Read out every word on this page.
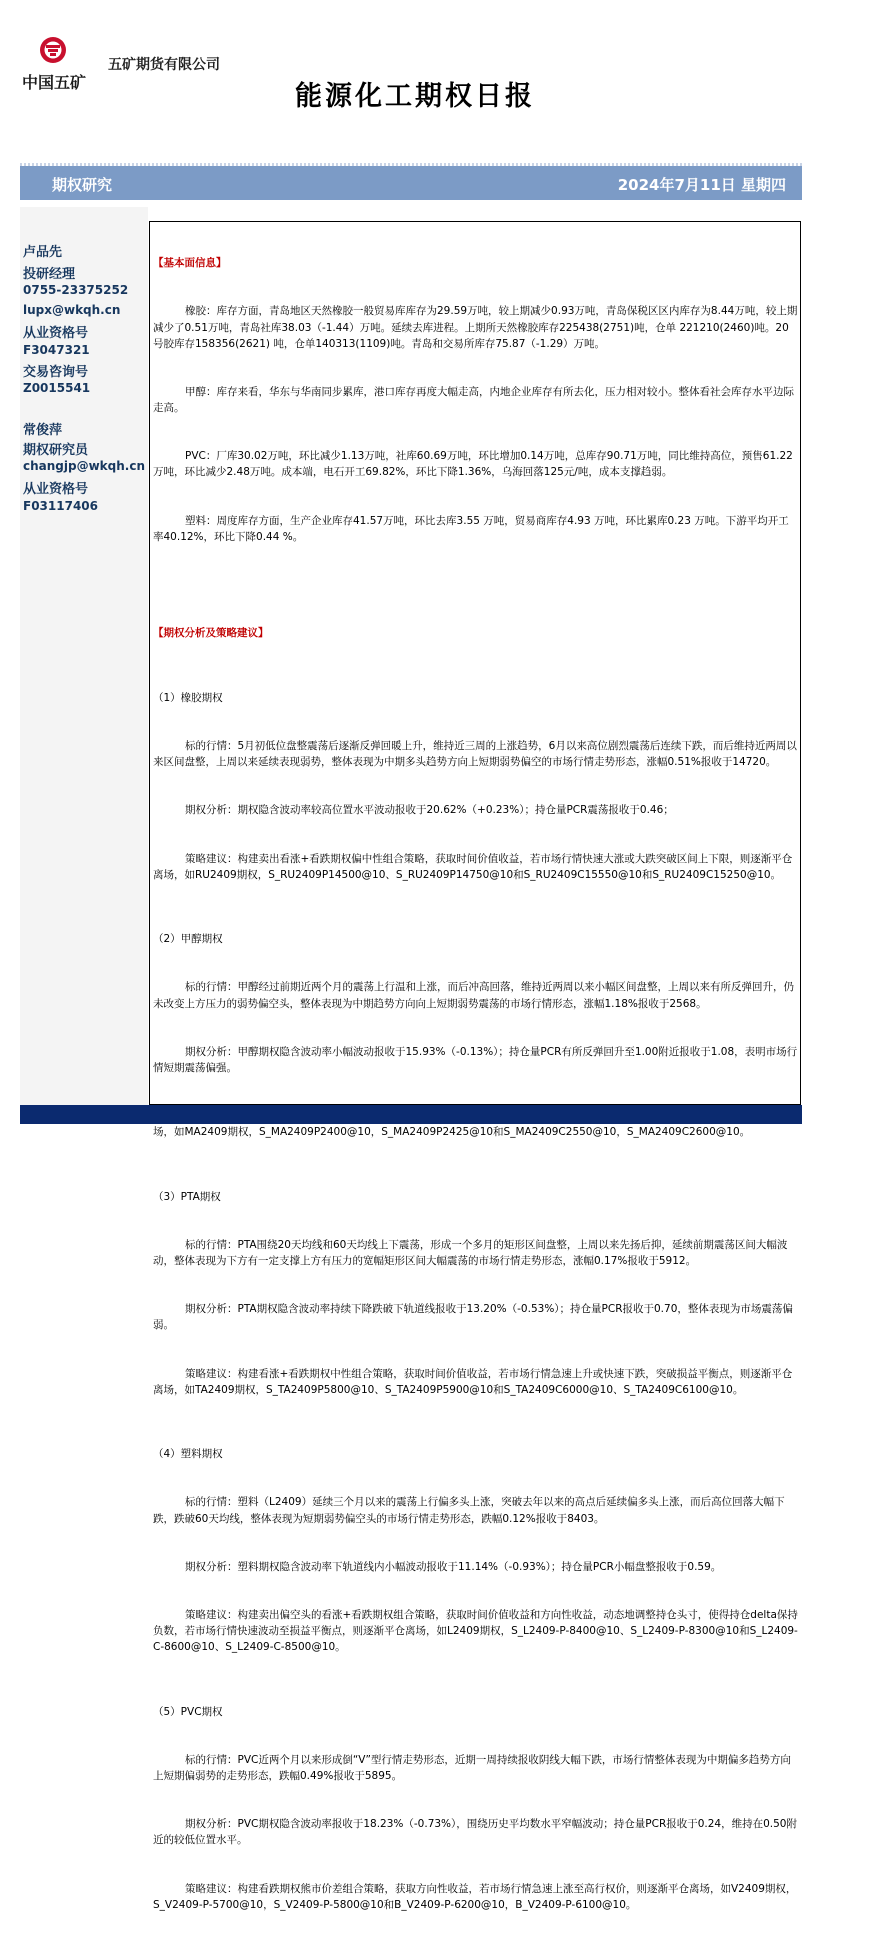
中国五矿
五矿期货有限公司
能源化工期权日报
期权研究	2024年7月11日 星期四
卢品先
投研经理
0755-23375252
lupx@wkqh.cn
从业资格号
F3047321
交易咨询号
Z0015541
常俊萍
期权研究员
changjp@wkqh.cn
从业资格号
F03117406

【基本面信息】

橡胶：库存方面，青岛地区天然橡胶一般贸易库库存为29.59万吨，较上期减少0.93万吨，青岛保税区区内库存为8.44万吨，较上期减少了0.51万吨，青岛社库38.03（-1.44）万吨。延续去库进程。上期所天然橡胶库存225438(2751)吨，仓单 221210(2460)吨。20号胶库存158356(2621) 吨，仓单140313(1109)吨。青岛和交易所库存75.87（-1.29）万吨。

甲醇：库存来看，华东与华南同步累库，港口库存再度大幅走高，内地企业库存有所去化，压力相对较小。整体看社会库存水平边际走高。

PVC：厂库30.02万吨，环比减少1.13万吨，社库60.69万吨，环比增加0.14万吨，总库存90.71万吨，同比维持高位，预售61.22万吨，环比减少2.48万吨。成本端，电石开工69.82%，环比下降1.36%，乌海回落125元/吨，成本支撑趋弱。

塑料：周度库存方面，生产企业库存41.57万吨，环比去库3.55 万吨，贸易商库存4.93 万吨，环比累库0.23 万吨。下游平均开工率40.12%，环比下降0.44 %。

【期权分析及策略建议】

（1）橡胶期权

标的行情：5月初低位盘整震荡后逐渐反弹回暖上升，维持近三周的上涨趋势，6月以来高位剧烈震荡后连续下跌，而后维持近两周以来区间盘整，上周以来延续表现弱势，整体表现为中期多头趋势方向上短期弱势偏空的市场行情走势形态，涨幅0.51%报收于14720。

期权分析：期权隐含波动率较高位置水平波动报收于20.62%（+0.23%）；持仓量PCR震荡报收于0.46；

策略建议：构建卖出看涨+看跌期权偏中性组合策略，获取时间价值收益，若市场行情快速大涨或大跌突破区间上下限，则逐渐平仓离场，如RU2409期权，S_RU2409P14500@10、S_RU2409P14750@10和S_RU2409C15550@10和S_RU2409C15250@10。

（2）甲醇期权

标的行情：甲醇经过前期近两个月的震荡上行温和上涨，而后冲高回落，维持近两周以来小幅区间盘整，上周以来有所反弹回升，仍未改变上方压力的弱势偏空头，整体表现为中期趋势方向向上短期弱势震荡的市场行情形态，涨幅1.18%报收于2568。

期权分析：甲醇期权隐含波动率小幅波动报收于15.93%（-0.13%）；持仓量PCR有所反弹回升至1.00附近报收于1.08，表明市场行情短期震荡偏强。

场，如MA2409期权，S_MA2409P2400@10，S_MA2409P2425@10和S_MA2409C2550@10，S_MA2409C2600@10。

（3）PTA期权

标的行情：PTA围绕20天均线和60天均线上下震荡，形成一个多月的矩形区间盘整，上周以来先扬后抑，延续前期震荡区间大幅波动，整体表现为下方有一定支撑上方有压力的宽幅矩形区间大幅震荡的市场行情走势形态，涨幅0.17%报收于5912。

期权分析：PTA期权隐含波动率持续下降跌破下轨道线报收于13.20%（-0.53%）；持仓量PCR报收于0.70，整体表现为市场震荡偏弱。

策略建议：构建看涨+看跌期权中性组合策略，获取时间价值收益，若市场行情急速上升或快速下跌，突破损益平衡点，则逐渐平仓离场，如TA2409期权，S_TA2409P5800@10、S_TA2409P5900@10和S_TA2409C6000@10、S_TA2409C6100@10。

（4）塑料期权

标的行情：塑料（L2409）延续三个月以来的震荡上行偏多头上涨，突破去年以来的高点后延续偏多头上涨，而后高位回落大幅下跌，跌破60天均线，整体表现为短期弱势偏空头的市场行情走势形态，跌幅0.12%报收于8403。

期权分析：塑料期权隐含波动率下轨道线内小幅波动报收于11.14%（-0.93%）；持仓量PCR小幅盘整报收于0.59。

策略建议：构建卖出偏空头的看涨+看跌期权组合策略，获取时间价值收益和方向性收益，动态地调整持仓头寸，使得持仓delta保持负数，若市场行情快速波动至损益平衡点，则逐渐平仓离场，如L2409期权，S_L2409-P-8400@10、S_L2409-P-8300@10和S_L2409-C-8600@10、S_L2409-C-8500@10。

（5）PVC期权

标的行情：PVC近两个月以来形成倒“V”型行情走势形态，近期一周持续报收阴线大幅下跌，市场行情整体表现为中期偏多趋势方向上短期偏弱势的走势形态，跌幅0.49%报收于5895。

期权分析：PVC期权隐含波动率报收于18.23%（-0.73%），围绕历史平均数水平窄幅波动；持仓量PCR报收于0.24，维持在0.50附近的较低位置水平。

策略建议：构建看跌期权熊市价差组合策略，获取方向性收益，若市场行情急速上涨至高行权价，则逐渐平仓离场，如V2409期权，S_V2409-P-5700@10，S_V2409-P-5800@10和B_V2409-P-6200@10，B_V2409-P-6100@10。
